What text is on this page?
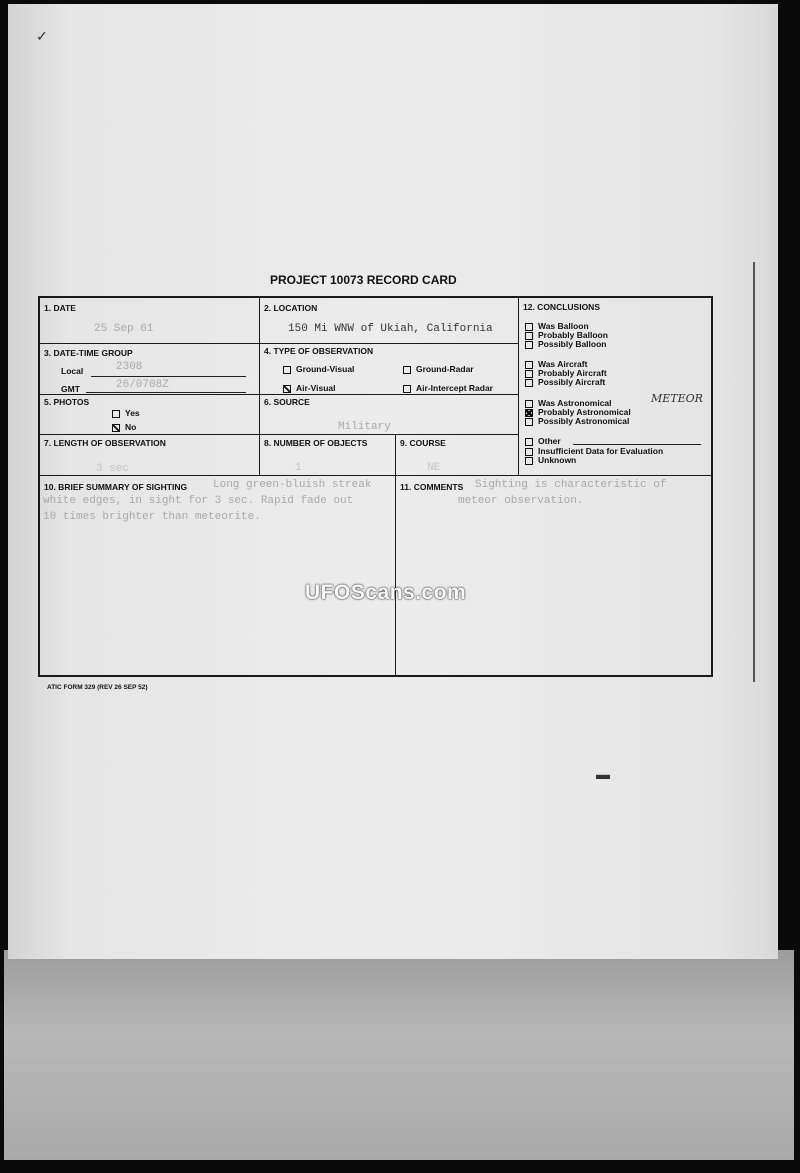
✓
▬
PROJECT 10073 RECORD CARD
1. DATE
25 Sep 61
2. LOCATION
150 Mi WNW of Ukiah, California
3. DATE-TIME GROUP
Local	2308
GMT	26/0708Z
4. TYPE OF OBSERVATION
Ground-Visual	Ground-Radar
Air-Visual	Air-Intercept Radar
5. PHOTOS
Yes
No
6. SOURCE
Military
7. LENGTH OF OBSERVATION
3 sec
8. NUMBER OF OBJECTS
1
9. COURSE
NE
10. BRIEF SUMMARY OF SIGHTING Long green-bluish streak
white edges, in sight for 3 sec. Rapid fade out
10 times brighter than meteorite.
11. COMMENTS Sighting is characteristic of
meteor observation.
12. CONCLUSIONS
Was Balloon
Probably Balloon
Possibly Balloon
Was Aircraft
Probably Aircraft
Possibly Aircraft
Was Astronomical	METEOR
Probably Astronomical
Possibly Astronomical
Other
Insufficient Data for Evaluation
Unknown
UFOScans.com
ATIC FORM 329 (REV 26 SEP 52)
